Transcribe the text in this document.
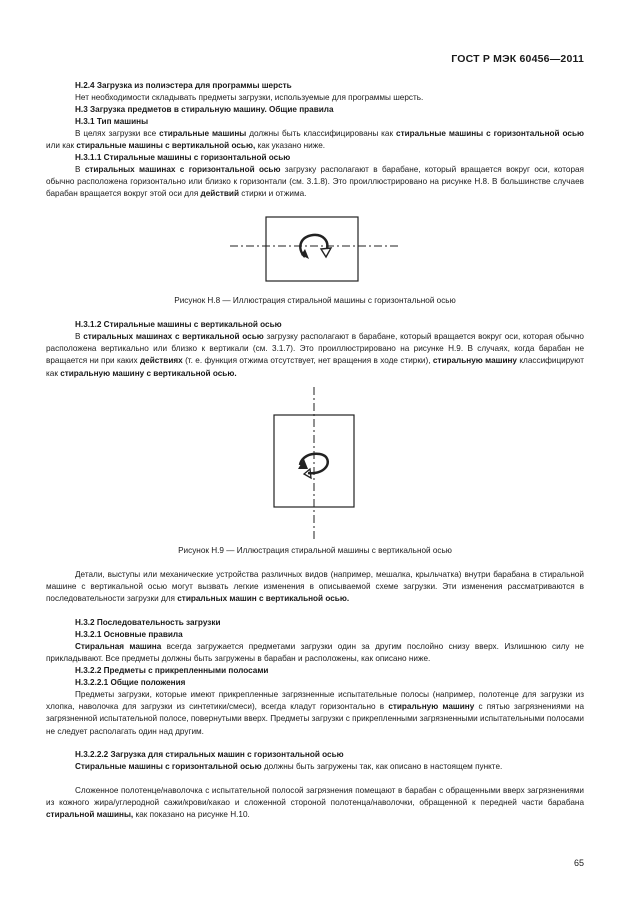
ГОСТ Р МЭК 60456—2011

Н.2.4 Загрузка из полиэстера для программы шерсть

Нет необходимости складывать предметы загрузки, используемые для программы шерсть.

Н.3 Загрузка предметов в стиральную машину. Общие правила

Н.3.1 Тип машины

В целях загрузки все стиральные машины должны быть классифицированы как стиральные машины с горизонтальной осью или как стиральные машины с вертикальной осью, как указано ниже.

Н.3.1.1 Стиральные машины с горизонтальной осью

В стиральных машинах с горизонтальной осью загрузку располагают в барабане, который вращается вокруг оси, которая обычно расположена горизонтально или близко к горизонтали (см. 3.1.8). Это проиллюстрировано на рисунке Н.8. В большинстве случаев барабан вращается вокруг этой оси для действий стирки и отжима.

Рисунок Н.8 — Иллюстрация стиральной машины с горизонтальной осью

Н.3.1.2 Стиральные машины с вертикальной осью

В стиральных машинах с вертикальной осью загрузку располагают в барабане, который вращается вокруг оси, которая обычно расположена вертикально или близко к вертикали (см. 3.1.7). Это проиллюстрировано на рисунке Н.9. В случаях, когда барабан не вращается ни при каких действиях (т. е. функция отжима отсутствует, нет вращения в ходе стирки), стиральную машину классифицируют как стиральную машину с вертикальной осью.

Рисунок Н.9 — Иллюстрация стиральной машины с вертикальной осью

Детали, выступы или механические устройства различных видов (например, мешалка, крыльчатка) внутри барабана в стиральной машине с вертикальной осью могут вызвать легкие изменения в описываемой схеме загрузки. Эти изменения рассматриваются в последовательности загрузки для стиральных машин с вертикальной осью.

Н.3.2 Последовательность загрузки

Н.3.2.1 Основные правила

Стиральная машина всегда загружается предметами загрузки один за другим послойно снизу вверх. Излишнюю силу не прикладывают. Все предметы должны быть загружены в барабан и расположены, как описано ниже.

Н.3.2.2 Предметы с прикрепленными полосами

Н.3.2.2.1 Общие положения

Предметы загрузки, которые имеют прикрепленные загрязненные испытательные полосы (например, полотенце для загрузки из хлопка, наволочка для загрузки из синтетики/смеси), всегда кладут горизонтально в стиральную машину с пятью загрязнениями на загрязненной испытательной полосе, повернутыми вверх. Предметы загрузки с прикрепленными загрязненными испытательными полосами не следует располагать один над другим.

Н.3.2.2.2 Загрузка для стиральных машин с горизонтальной осью

Стиральные машины с горизонтальной осью должны быть загружены так, как описано в настоящем пункте.

Сложенное полотенце/наволочка с испытательной полосой загрязнения помещают в барабан с обращенными вверх загрязнениями из кожного жира/углеродной сажи/крови/какао и сложенной стороной полотенца/наволочки, обращенной к передней части барабана стиральной машины, как показано на рисунке Н.10.

65
